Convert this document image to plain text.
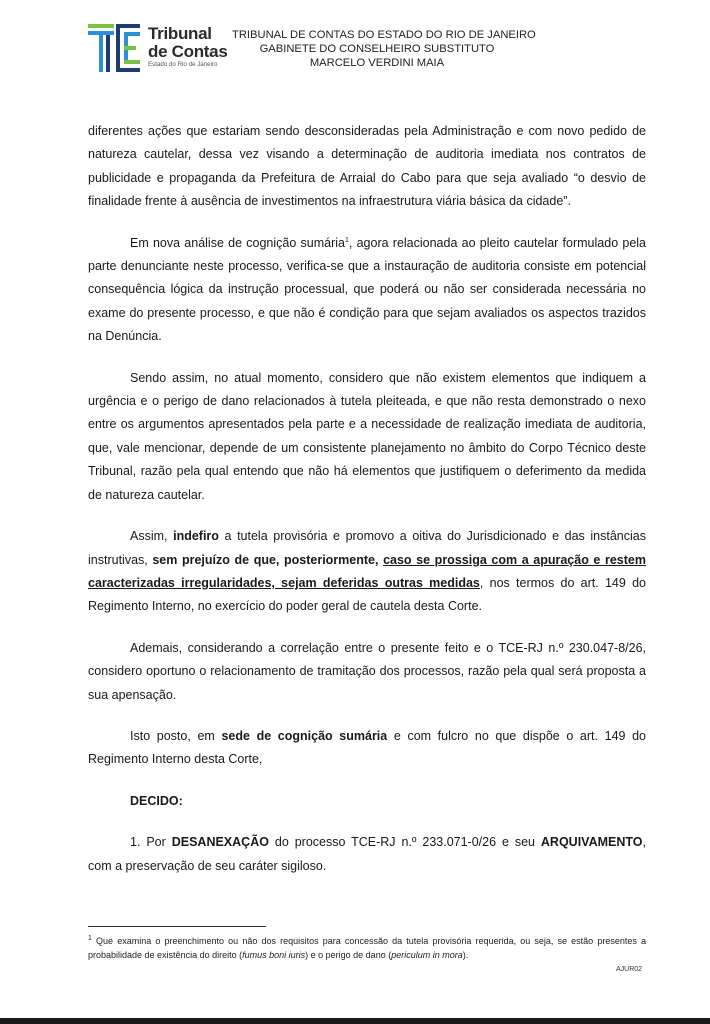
Tribunal
de Contas
Estado do Rio de Janeiro
TRIBUNAL DE CONTAS DO ESTADO DO RIO DE JANEIRO
GABINETE DO CONSELHEIRO SUBSTITUTO
MARCELO VERDINI MAIA

diferentes ações que estariam sendo desconsideradas pela Administração e com novo pedido de natureza cautelar, dessa vez visando a determinação de auditoria imediata nos contratos de publicidade e propaganda da Prefeitura de Arraial do Cabo para que seja avaliado “o desvio de finalidade frente à ausência de investimentos na infraestrutura viária básica da cidade”.

Em nova análise de cognição sumária$^1$, agora relacionada ao pleito cautelar formulado pela parte denunciante neste processo, verifica-se que a instauração de auditoria consiste em potencial consequência lógica da instrução processual, que poderá ou não ser considerada necessária no exame do presente processo, e que não é condição para que sejam avaliados os aspectos trazidos na Denúncia.

Sendo assim, no atual momento, considero que não existem elementos que indiquem a urgência e o perigo de dano relacionados à tutela pleiteada, e que não resta demonstrado o nexo entre os argumentos apresentados pela parte e a necessidade de realização imediata de auditoria, que, vale mencionar, depende de um consistente planejamento no âmbito do Corpo Técnico deste Tribunal, razão pela qual entendo que não há elementos que justifiquem o deferimento da medida de natureza cautelar.

Assim, indefiro a tutela provisória e promovo a oitiva do Jurisdicionado e das instâncias instrutivas, sem prejuízo de que, posteriormente, caso se prossiga com a apuração e restem caracterizadas irregularidades, sejam deferidas outras medidas, nos termos do art. 149 do Regimento Interno, no exercício do poder geral de cautela desta Corte.

Ademais, considerando a correlação entre o presente feito e o TCE-RJ n.º 230.047-8/26, considero oportuno o relacionamento de tramitação dos processos, razão pela qual será proposta a sua apensação.

Isto posto, em sede de cognição sumária e com fulcro no que dispõe o art. 149 do Regimento Interno desta Corte,

DECIDO:

1. Por DESANEXAÇÃO do processo TCE-RJ n.º 233.071-0/26 e seu ARQUIVAMENTO, com a preservação de seu caráter sigiloso.

$^1$ Que examina o preenchimento ou não dos requisitos para concessão da tutela provisória requerida, ou seja, se estão presentes a probabilidade de existência do direito (fumus boni iuris) e o perigo de dano (periculum in mora).
AJUR02
